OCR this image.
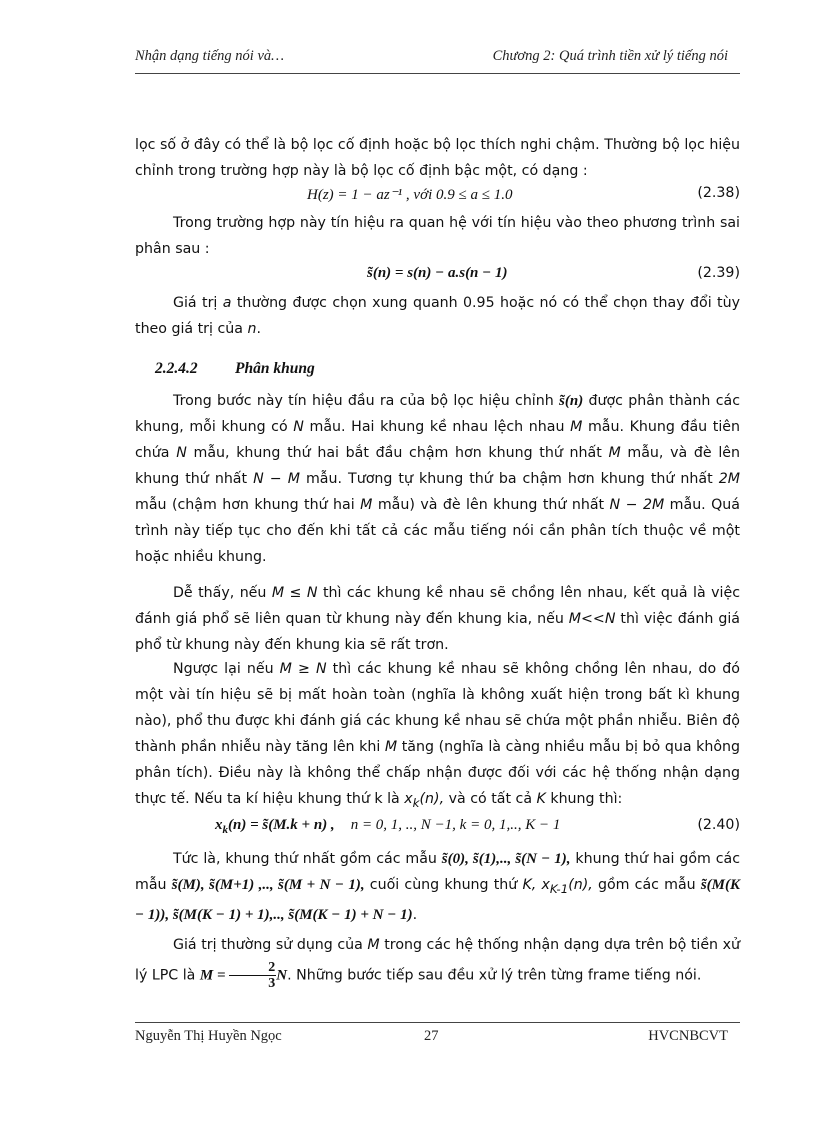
Nhận dạng tiếng nói và…	Chương 2: Quá trình tiền xử lý tiếng nói

lọc số ở đây có thể là bộ lọc cố định hoặc bộ lọc thích nghi chậm. Thường bộ lọc hiệu chỉnh trong trường hợp này là bộ lọc cố định bậc một, có dạng :

H(z) = 1 − az⁻¹ , với 0.9 ≤ a ≤ 1.0	(2.38)

Trong trường hợp này tín hiệu ra quan hệ với tín hiệu vào theo phương trình sai phân sau :

s̃(n) = s(n) − a.s(n − 1)	(2.39)

Giá trị a thường được chọn xung quanh 0.95 hoặc nó có thể chọn thay đổi tùy theo giá trị của n.

2.2.4.2 Phân khung

Trong bước này tín hiệu đầu ra của bộ lọc hiệu chỉnh s̃(n) được phân thành các khung, mỗi khung có N mẫu. Hai khung kề nhau lệch nhau M mẫu. Khung đầu tiên chứa N mẫu, khung thứ hai bắt đầu chậm hơn khung thứ nhất M mẫu, và đè lên khung thứ nhất N − M mẫu. Tương tự khung thứ ba chậm hơn khung thứ nhất 2M mẫu (chậm hơn khung thứ hai M mẫu) và đè lên khung thứ nhất N − 2M mẫu. Quá trình này tiếp tục cho đến khi tất cả các mẫu tiếng nói cần phân tích thuộc về một hoặc nhiều khung.

Dễ thấy, nếu M ≤ N thì các khung kề nhau sẽ chồng lên nhau, kết quả là việc đánh giá phổ sẽ liên quan từ khung này đến khung kia, nếu M<<N thì việc đánh giá phổ từ khung này đến khung kia sẽ rất trơn.

Ngược lại nếu M ≥ N thì các khung kề nhau sẽ không chồng lên nhau, do đó một vài tín hiệu sẽ bị mất hoàn toàn (nghĩa là không xuất hiện trong bất kì khung nào), phổ thu được khi đánh giá các khung kề nhau sẽ chứa một phần nhiễu. Biên độ thành phần nhiễu này tăng lên khi M tăng (nghĩa là càng nhiều mẫu bị bỏ qua không phân tích). Điều này là không thể chấp nhận được đối với các hệ thống nhận dạng thực tế. Nếu ta kí hiệu khung thứ k là $x_k(n)$, và có tất cả K khung thì:

$x_k(n)$ = s̃(M.k + n) , n = 0, 1, .., N −1, k = 0, 1,.., K − 1	(2.40)

Tức là, khung thứ nhất gồm các mẫu s̃(0), s̃(1),.., s̃(N − 1), khung thứ hai gồm các mẫu s̃(M), s̃(M+1) ,.., s̃(M + N − 1), cuối cùng khung thứ K, $x_{K-1}(n)$, gồm các mẫu s̃(M(K − 1)), s̃(M(K − 1) + 1),.., s̃(M(K − 1) + N − 1).

Giá trị thường sử dụng của M trong các hệ thống nhận dạng dựa trên bộ tiền xử lý LPC là $M = \frac{2}{3} N$. Những bước tiếp sau đều xử lý trên từng frame tiếng nói.

Nguyễn Thị Huyền Ngọc	27	HVCNBCVT
